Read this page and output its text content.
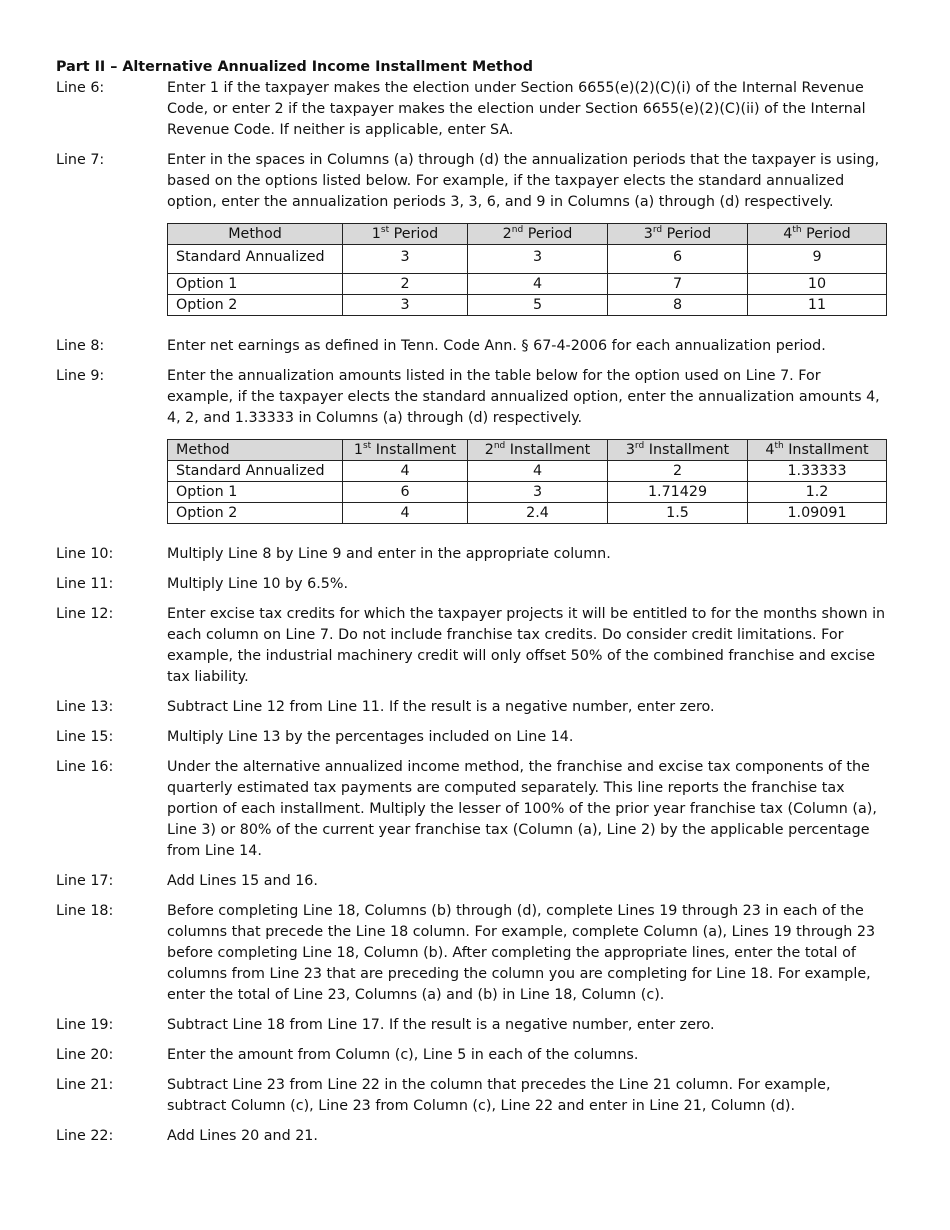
Part II – Alternative Annualized Income Installment Method

Line 6:	Enter 1 if the taxpayer makes the election under Section 6655(e)(2)(C)(i) of the Internal Revenue Code, or enter 2 if the taxpayer makes the election under Section 6655(e)(2)(C)(ii) of the Internal Revenue Code. If neither is applicable, enter SA.
Line 7:	Enter in the spaces in Columns (a) through (d) the annualization periods that the taxpayer is using, based on the options listed below. For example, if the taxpayer elects the standard annualized option, enter the annualization periods 3, 3, 6, and 9 in Columns (a) through (d) respectively.
Method	1st Period	2nd Period	3rd Period	4th Period
Standard Annualized	3	3	6	9
Option 1	2	4	7	10
Option 2	3	5	8	11
Line 8:	Enter net earnings as defined in Tenn. Code Ann. § 67-4-2006 for each annualization period.
Line 9:	Enter the annualization amounts listed in the table below for the option used on Line 7. For example, if the taxpayer elects the standard annualized option, enter the annualization amounts 4, 4, 2, and 1.33333 in Columns (a) through (d) respectively.
Method	1st Installment	2nd Installment	3rd Installment	4th Installment
Standard Annualized	4	4	2	1.33333
Option 1	6	3	1.71429	1.2
Option 2	4	2.4	1.5	1.09091
Line 10:	Multiply Line 8 by Line 9 and enter in the appropriate column.
Line 11:	Multiply Line 10 by 6.5%.
Line 12:	Enter excise tax credits for which the taxpayer projects it will be entitled to for the months shown in each column on Line 7. Do not include franchise tax credits. Do consider credit limitations. For example, the industrial machinery credit will only offset 50% of the combined franchise and excise tax liability.
Line 13:	Subtract Line 12 from Line 11. If the result is a negative number, enter zero.
Line 15:	Multiply Line 13 by the percentages included on Line 14.
Line 16:	Under the alternative annualized income method, the franchise and excise tax components of the quarterly estimated tax payments are computed separately. This line reports the franchise tax portion of each installment. Multiply the lesser of 100% of the prior year franchise tax (Column (a), Line 3) or 80% of the current year franchise tax (Column (a), Line 2) by the applicable percentage from Line 14.
Line 17:	Add Lines 15 and 16.
Line 18:	Before completing Line 18, Columns (b) through (d), complete Lines 19 through 23 in each of the columns that precede the Line 18 column. For example, complete Column (a), Lines 19 through 23 before completing Line 18, Column (b). After completing the appropriate lines, enter the total of columns from Line 23 that are preceding the column you are completing for Line 18. For example, enter the total of Line 23, Columns (a) and (b) in Line 18, Column (c).
Line 19:	Subtract Line 18 from Line 17. If the result is a negative number, enter zero.
Line 20:	Enter the amount from Column (c), Line 5 in each of the columns.
Line 21:	Subtract Line 23 from Line 22 in the column that precedes the Line 21 column. For example, subtract Column (c), Line 23 from Column (c), Line 22 and enter in Line 21, Column (d).
Line 22:	Add Lines 20 and 21.
